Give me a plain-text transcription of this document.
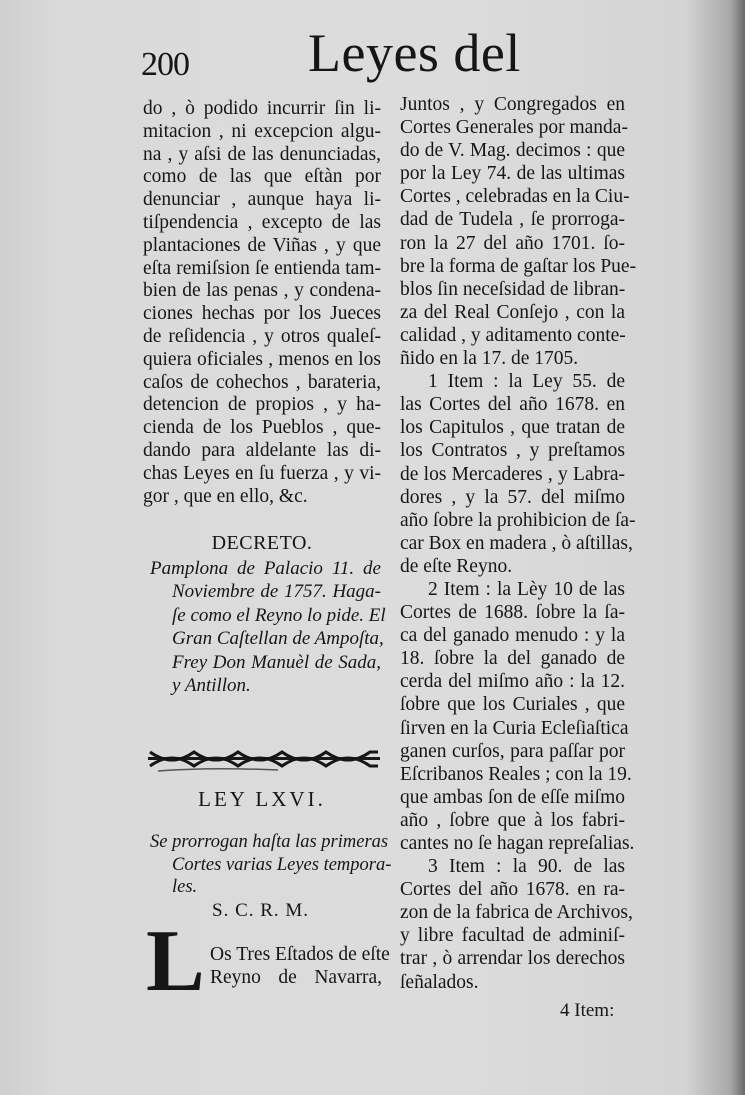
200 Leyes del
do , ò podido incurrir ſin li-
mitacion , ni excepcion algu-
na , y aſsi de las denunciadas,
como de las que eſtàn por
denunciar , aunque haya li-
tiſpendencia , excepto de las
plantaciones de Viñas , y que
eſta remiſsion ſe entienda tam-
bien de las penas , y condena-
ciones hechas por los Jueces
de reſidencia , y otros qualeſ-
quiera oficiales , menos en los
caſos de cohechos , barateria,
detencion de propios , y ha-
cienda de los Pueblos , que-
dando para aldelante las di-
chas Leyes en ſu fuerza , y vi-
gor , que en ello, &c.
DECRETO.
Pamplona de Palacio 11. de
Noviembre de 1757. Haga-
ſe como el Reyno lo pide. El
Gran Caſtellan de Ampoſta,
Frey Don Manuèl de Sada,
y Antillon.
LEY LXVI.
Se prorrogan haſta las primeras
Cortes varias Leyes tempora-
les.
S. C. R. M.
L Os Tres Eſtados de eſte
Reyno de Navarra,
Juntos , y Congregados en
Cortes Generales por manda-
do de V. Mag. decimos : que
por la Ley 74. de las ultimas
Cortes , celebradas en la Ciu-
dad de Tudela , ſe prorroga-
ron la 27 del año 1701. ſo-
bre la forma de gaſtar los Pue-
blos ſin neceſsidad de libran-
za del Real Conſejo , con la
calidad , y aditamento conte-
ñido en la 17. de 1705.
1 Item : la Ley 55. de
las Cortes del año 1678. en
los Capitulos , que tratan de
los Contratos , y preſtamos
de los Mercaderes , y Labra-
dores , y la 57. del miſmo
año ſobre la prohibicion de ſa-
car Box en madera , ò aſtillas,
de eſte Reyno.
2 Item : la Lèy 10 de las
Cortes de 1688. ſobre la ſa-
ca del ganado menudo : y la
18. ſobre la del ganado de
cerda del miſmo año : la 12.
ſobre que los Curiales , que
ſirven en la Curia Ecleſiaſtica
ganen curſos, para paſſar por
Eſcribanos Reales ; con la 19.
que ambas ſon de eſſe miſmo
año , ſobre que à los fabri-
cantes no ſe hagan repreſalias.
3 Item : la 90. de las
Cortes del año 1678. en ra-
zon de la fabrica de Archivos,
y libre facultad de adminiſ-
trar , ò arrendar los derechos
ſeñalados.
4 Item:
